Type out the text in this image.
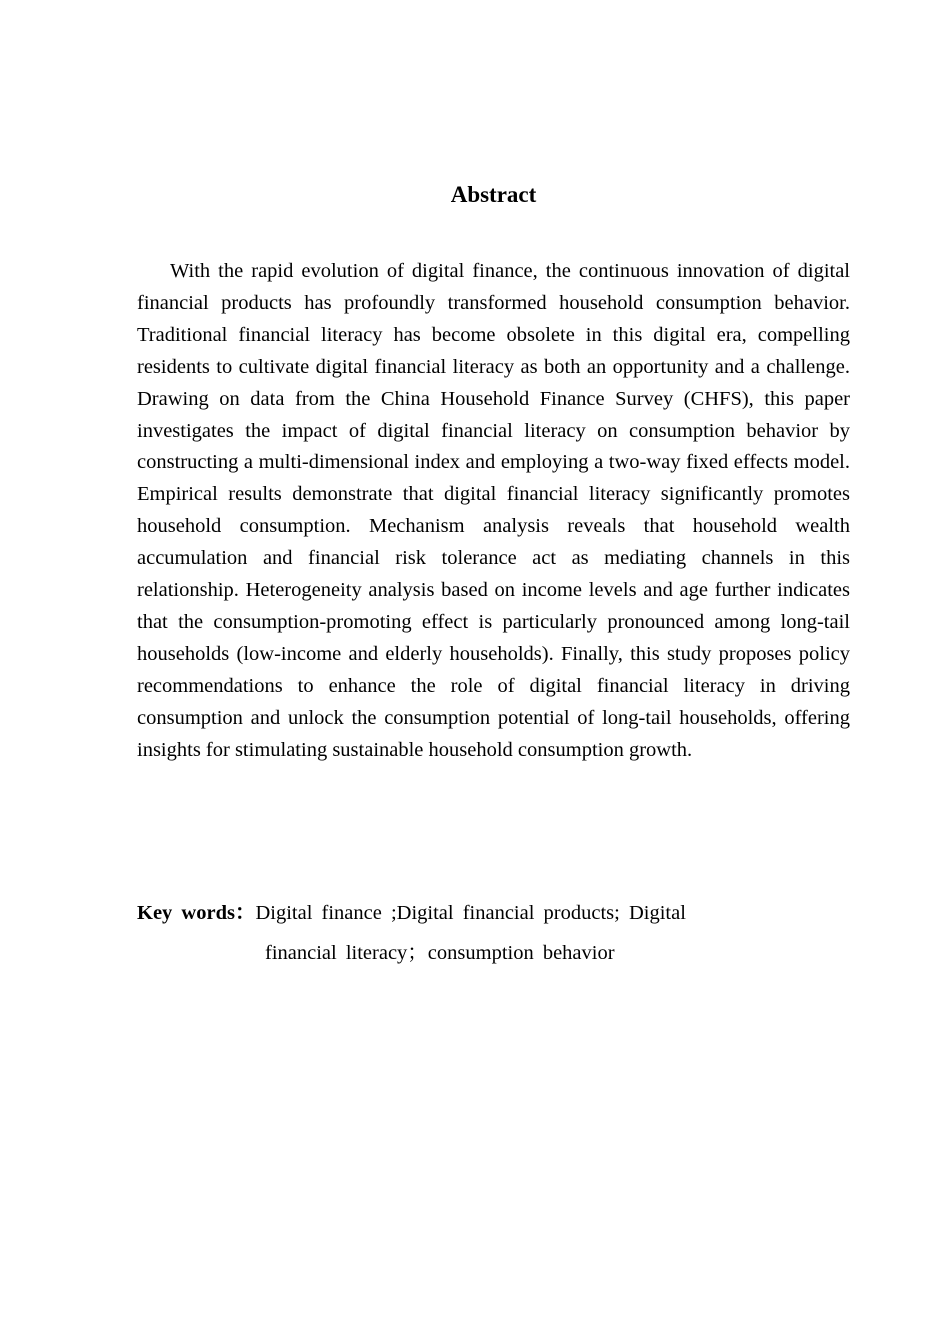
Abstract

With the rapid evolution of digital finance, the continuous innovation of digital financial products has profoundly transformed household consumption behavior. Traditional financial literacy has become obsolete in this digital era, compelling residents to cultivate digital financial literacy as both an opportunity and a challenge. Drawing on data from the China Household Finance Survey (CHFS), this paper investigates the impact of digital financial literacy on consumption behavior by constructing a multi-dimensional index and employing a two-way fixed effects model. Empirical results demonstrate that digital financial literacy significantly promotes household consumption. Mechanism analysis reveals that household wealth accumulation and financial risk tolerance act as mediating channels in this relationship. Heterogeneity analysis based on income levels and age further indicates that the consumption-promoting effect is particularly pronounced among long-tail households (low-income and elderly households). Finally, this study proposes policy recommendations to enhance the role of digital financial literacy in driving consumption and unlock the consumption potential of long-tail households, offering insights for stimulating sustainable household consumption growth.

Key words：Digital finance ;Digital financial products; Digital
financial literacy；consumption behavior
